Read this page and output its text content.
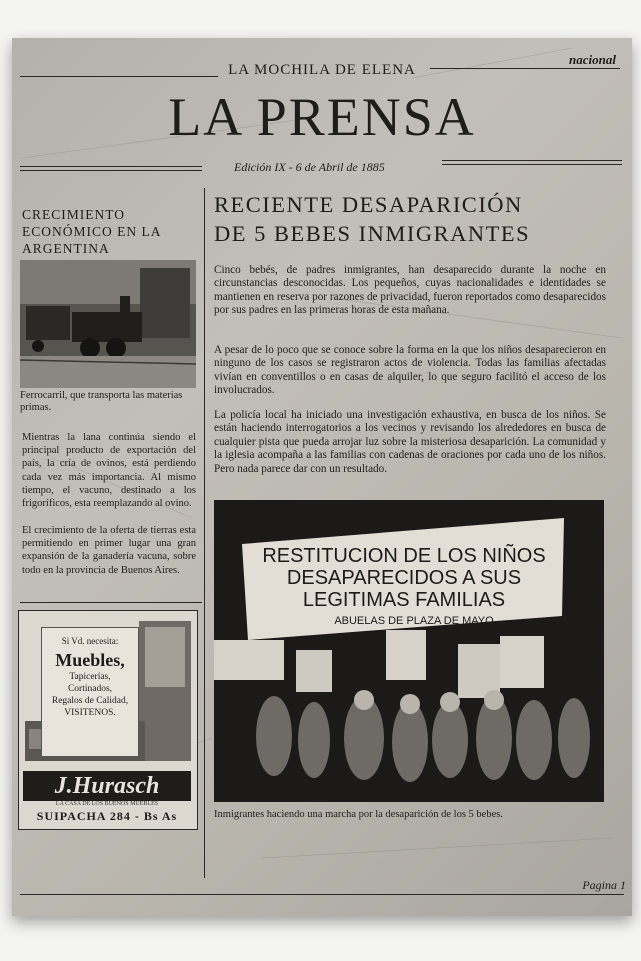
LA MOCHILA DE ELENA
nacional
LA PRENSA
Edición IX - 6 de Abril de 1885
CRECIMIENTO ECONÓMICO EN LA ARGENTINA
Ferrocarril, que transporta las materias primas.
Mientras la lana continúa siendo el principal producto de exportación del país, la cría de ovinos, está perdiendo cada vez más importancia. Al mismo tiempo, el vacuno, destinado a los frigoríficos, esta reemplazando al ovino.
El crecimiento de la oferta de tierras esta permitiendo en primer lugar una gran expansión de la ganadería vacuna, sobre todo en la provincia de Buenos Aires.
Si Vd. necesita:
Muebles,
Tapicerías,
Cortinados,
Regalos de Calidad,
VISITENOS.
J.Hurasch
LA CASA DE LOS BUENOS MUEBLES
SUIPACHA 284 - Bs As
RECIENTE DESAPARICIÓN
DE 5 BEBES INMIGRANTES
Cinco bebés, de padres inmigrantes, han desaparecido durante la noche en circunstancias desconocidas. Los pequeños, cuyas nacionalidades e identidades se mantienen en reserva por razones de privacidad, fueron reportados como desaparecidos por sus padres en las primeras horas de esta mañana.
A pesar de lo poco que se conoce sobre la forma en la que los niños desaparecieron en ninguno de los casos se registraron actos de violencia. Todas las familias afectadas vivían en conventillos o en casas de alquiler, lo que seguro facilitó el acceso de los involucrados.
La policía local ha iniciado una investigación exhaustiva, en busca de los niños. Se están haciendo interrogatorios a los vecinos y revisando los alrededores en busca de cualquier pista que pueda arrojar luz sobre la misteriosa desaparición. La comunidad y la iglesia acompaña a las familias con cadenas de oraciones por cada uno de los niños. Pero nada parece dar con un resultado.
RESTITUCION DE LOS NIÑOS
DESAPARECIDOS A SUS
LEGITIMAS FAMILIAS
ABUELAS DE PLAZA DE MAYO
Inmigrantes haciendo una marcha por la desaparición de los 5 bebes.
Pagina 1
